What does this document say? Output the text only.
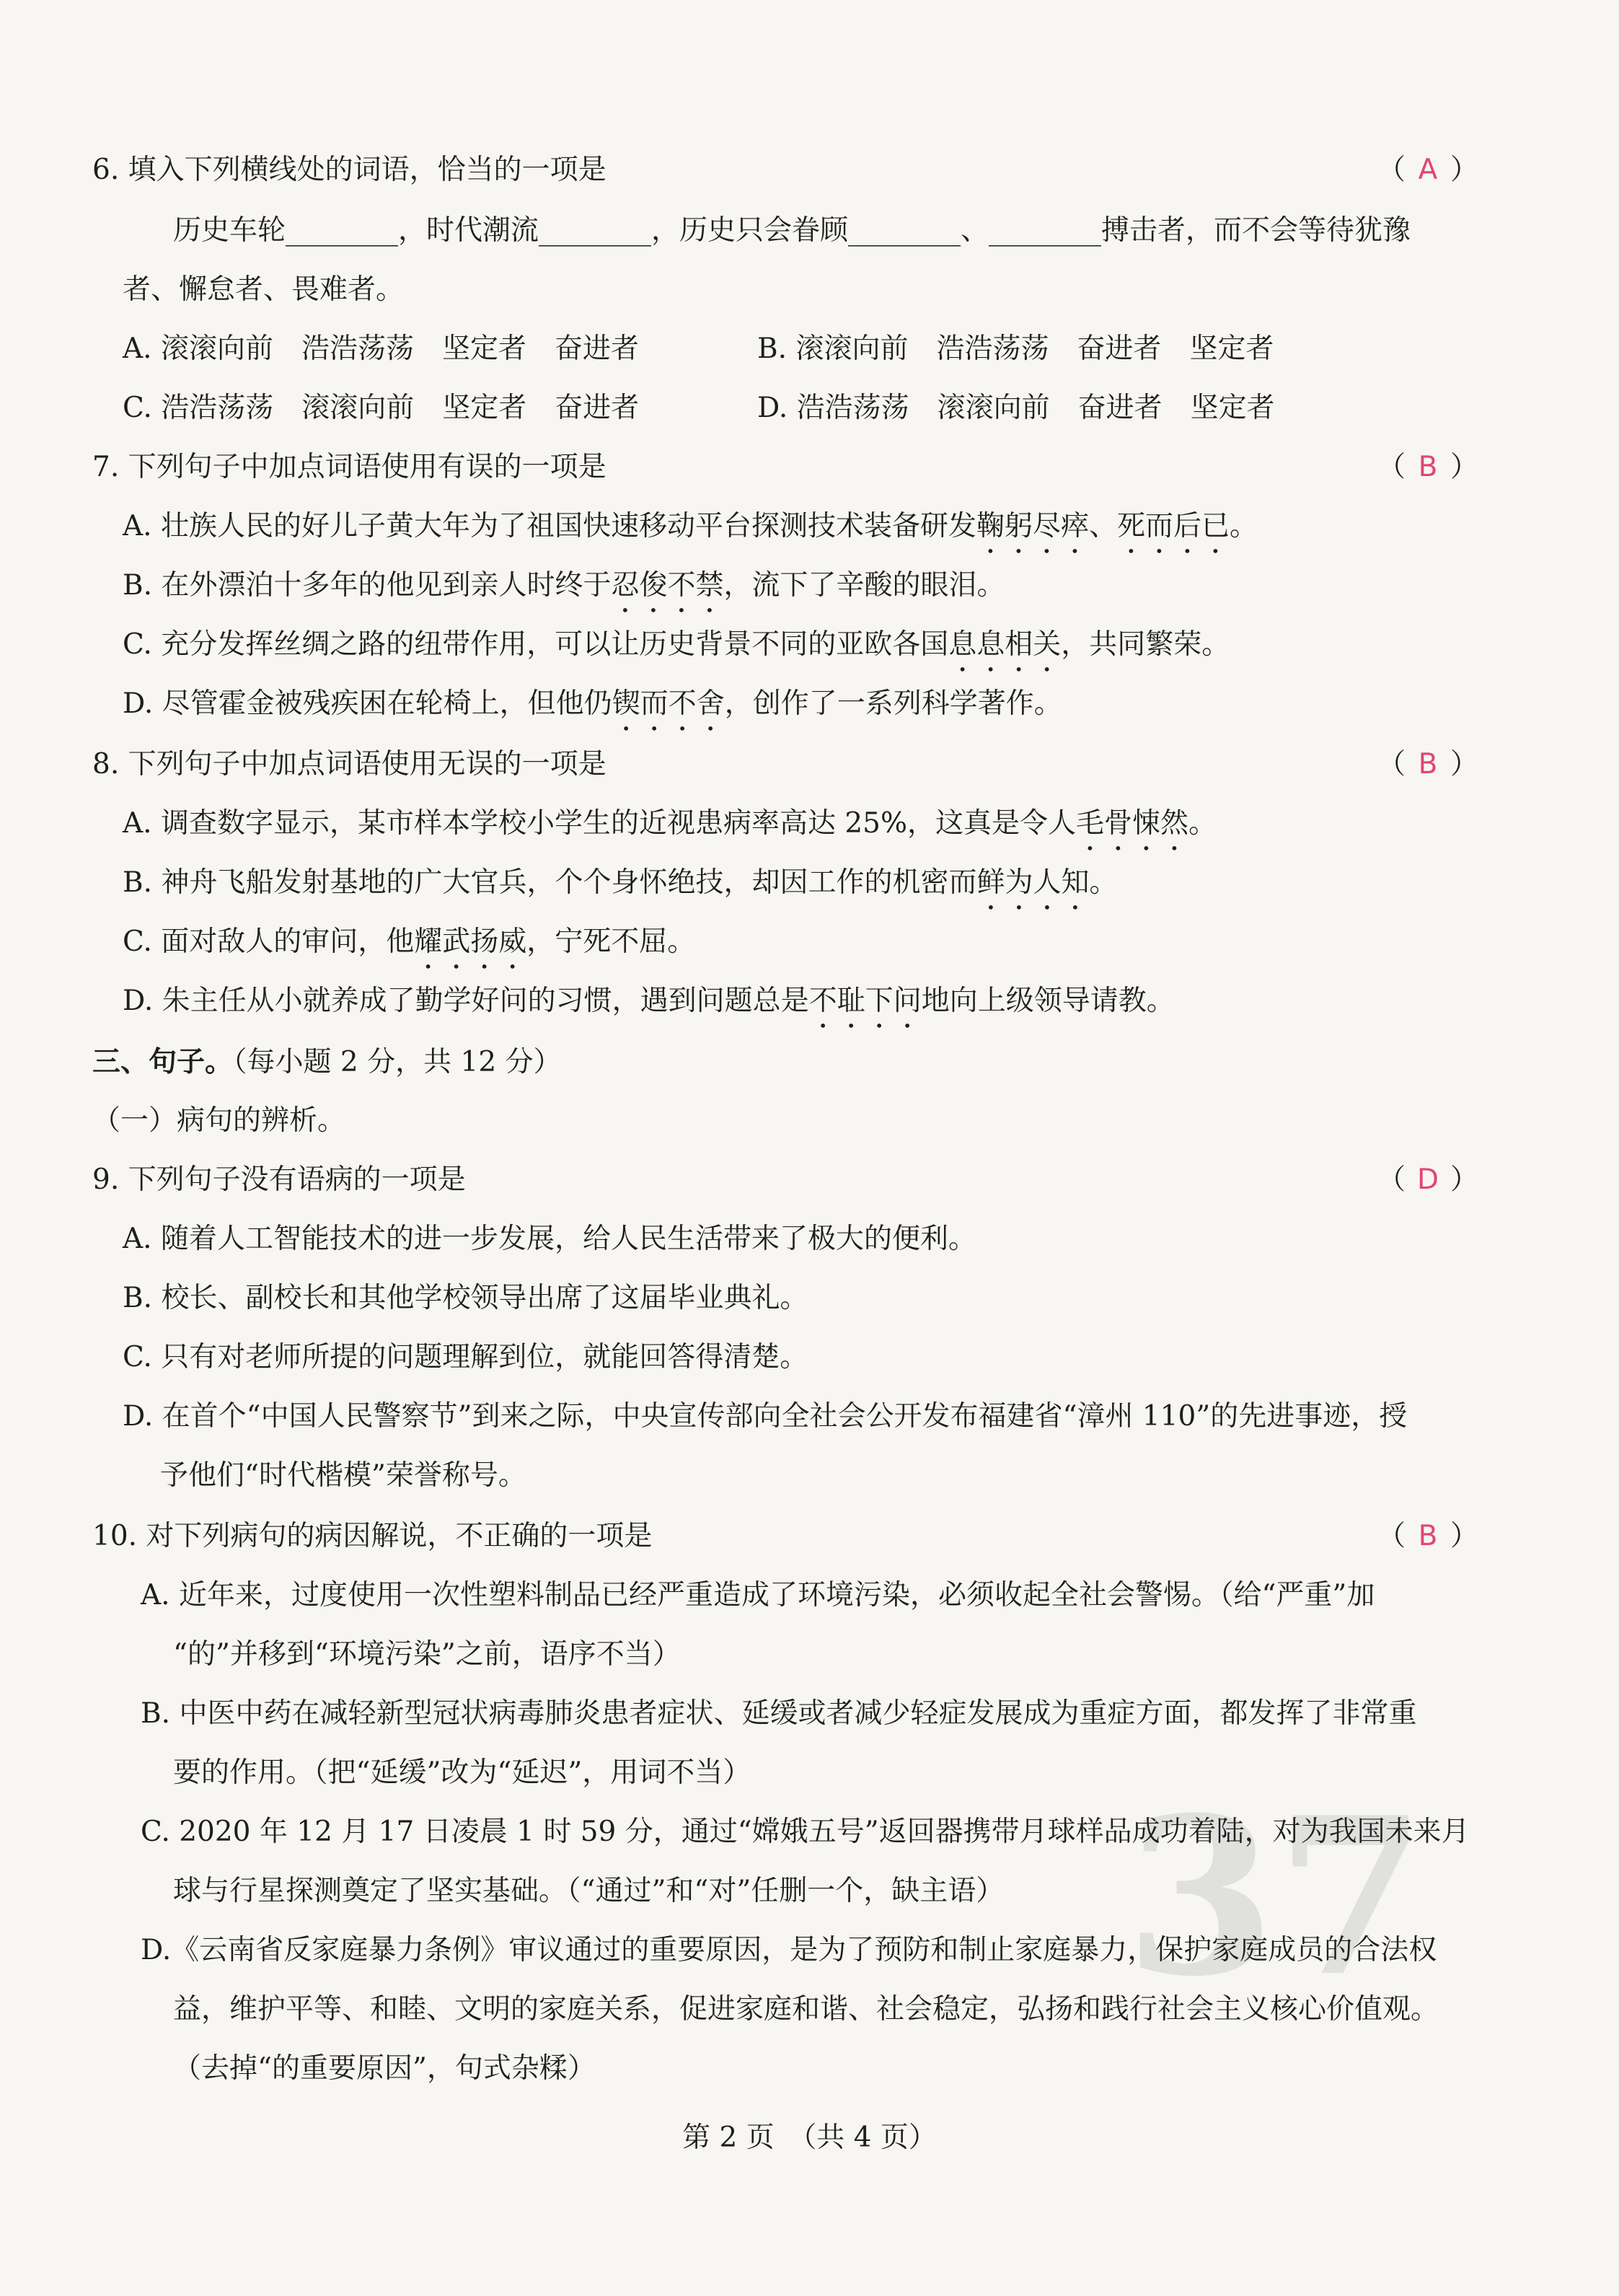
37
6. 填入下列横线处的词语，恰当的一项是	（ A ）
历史车轮________，时代潮流________，历史只会眷顾________、________搏击者，而不会等待犹豫
者、懈怠者、畏难者。
A. 滚滚向前　浩浩荡荡　坚定者　奋进者	B. 滚滚向前　浩浩荡荡　奋进者　坚定者
C. 浩浩荡荡　滚滚向前　坚定者　奋进者	D. 浩浩荡荡　滚滚向前　奋进者　坚定者
7. 下列句子中加点词语使用有误的一项是	（ B ）
A. 壮族人民的好儿子黄大年为了祖国快速移动平台探测技术装备研发鞠躬尽瘁、死而后已。
B. 在外漂泊十多年的他见到亲人时终于忍俊不禁，流下了辛酸的眼泪。
C. 充分发挥丝绸之路的纽带作用，可以让历史背景不同的亚欧各国息息相关，共同繁荣。
D. 尽管霍金被残疾困在轮椅上，但他仍锲而不舍，创作了一系列科学著作。
8. 下列句子中加点词语使用无误的一项是	（ B ）
A. 调查数字显示，某市样本学校小学生的近视患病率高达 25%，这真是令人毛骨悚然。
B. 神舟飞船发射基地的广大官兵，个个身怀绝技，却因工作的机密而鲜为人知。
C. 面对敌人的审问，他耀武扬威，宁死不屈。
D. 朱主任从小就养成了勤学好问的习惯，遇到问题总是不耻下问地向上级领导请教。
三、句子。（每小题 2 分，共 12 分）
（一）病句的辨析。
9. 下列句子没有语病的一项是	（ D ）
A. 随着人工智能技术的进一步发展，给人民生活带来了极大的便利。
B. 校长、副校长和其他学校领导出席了这届毕业典礼。
C. 只有对老师所提的问题理解到位，就能回答得清楚。
D. 在首个“中国人民警察节”到来之际，中央宣传部向全社会公开发布福建省“漳州 110”的先进事迹，授
予他们“时代楷模”荣誉称号。
10. 对下列病句的病因解说，不正确的一项是	（ B ）
A. 近年来，过度使用一次性塑料制品已经严重造成了环境污染，必须收起全社会警惕。（给“严重”加
“的”并移到“环境污染”之前，语序不当）
B. 中医中药在减轻新型冠状病毒肺炎患者症状、延缓或者减少轻症发展成为重症方面，都发挥了非常重
要的作用。（把“延缓”改为“延迟”，用词不当）
C. 2020 年 12 月 17 日凌晨 1 时 59 分，通过“嫦娥五号”返回器携带月球样品成功着陆，对为我国未来月
球与行星探测奠定了坚实基础。（“通过”和“对”任删一个，缺主语）
D.《云南省反家庭暴力条例》审议通过的重要原因，是为了预防和制止家庭暴力，保护家庭成员的合法权
益，维护平等、和睦、文明的家庭关系，促进家庭和谐、社会稳定，弘扬和践行社会主义核心价值观。
（去掉“的重要原因”，句式杂糅）
第 2 页　（共 4 页）
